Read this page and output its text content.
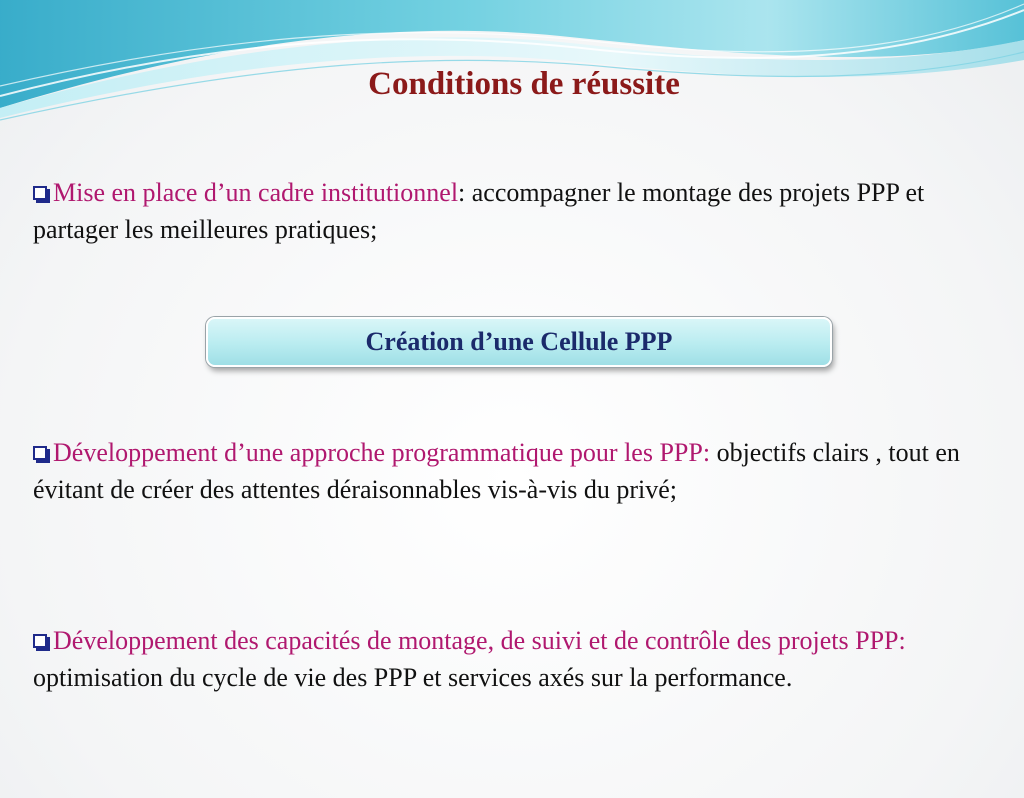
Conditions de réussite

Mise en place d’un cadre institutionnel: accompagner le montage des projets PPP et partager les meilleures pratiques;

Création d’une Cellule PPP

Développement d’une approche programmatique pour les PPP: objectifs clairs , tout en évitant de créer des attentes déraisonnables vis-à-vis du privé;

Développement des capacités de montage, de suivi et de contrôle des projets PPP: optimisation du cycle de vie des PPP et services axés sur la performance.
